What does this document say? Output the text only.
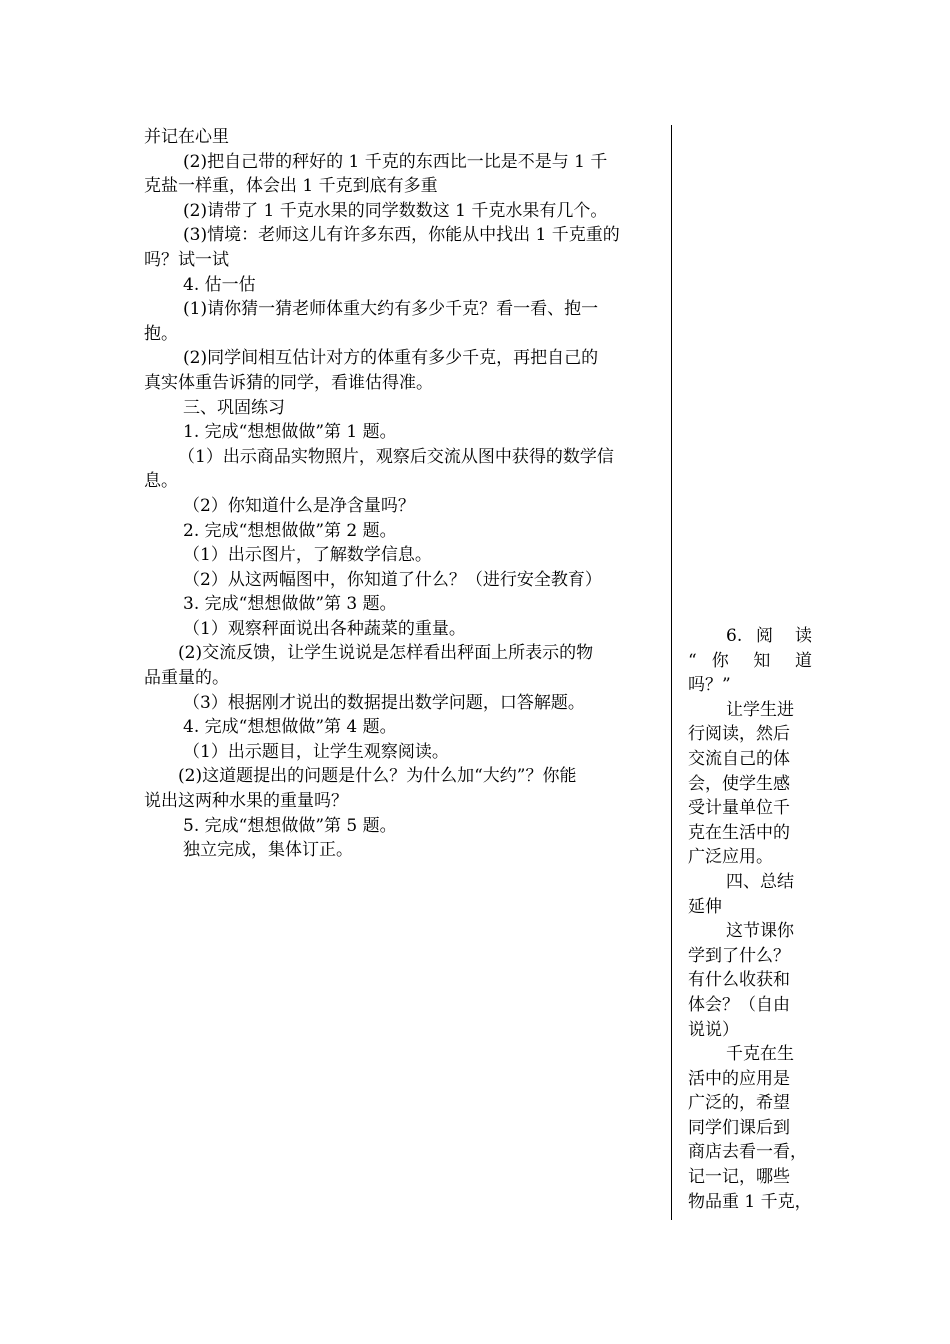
并记在心里
(2)把自己带的秤好的 1 千克的东西比一比是不是与 1 千
克盐一样重，体会出 1 千克到底有多重
(2)请带了 1 千克水果的同学数数这 1 千克水果有几个。
(3)情境：老师这儿有许多东西，你能从中找出 1 千克重的
吗？试一试
4. 估一估
(1)请你猜一猜老师体重大约有多少千克？看一看、抱一
抱。
(2)同学间相互估计对方的体重有多少千克，再把自己的
真实体重告诉猜的同学，看谁估得准。
三、巩固练习
1. 完成“想想做做”第 1 题。
（1）出示商品实物照片，观察后交流从图中获得的数学信
息。
（2）你知道什么是净含量吗？
2. 完成“想想做做”第 2 题。
（1）出示图片，了解数学信息。
（2）从这两幅图中，你知道了什么？（进行安全教育）
3. 完成“想想做做”第 3 题。
（1）观察秤面说出各种蔬菜的重量。
(2)交流反馈，让学生说说是怎样看出秤面上所表示的物
品重量的。
（3）根据刚才说出的数据提出数学问题，口答解题。
4. 完成“想想做做”第 4 题。
（1）出示题目，让学生观察阅读。
(2)这道题提出的问题是什么？为什么加“大约”？你能
说出这两种水果的重量吗？
5. 完成“想想做做”第 5 题。
独立完成，集体订正。
6. 阅 读
“ 你 知 道
吗？”
让学生进
行阅读，然后
交流自己的体
会，使学生感
受计量单位千
克在生活中的
广泛应用。
四、总结
延伸
这节课你
学到了什么？
有什么收获和
体会？（自由
说说）
千克在生
活中的应用是
广泛的，希望
同学们课后到
商店去看一看，
记一记，哪些
物品重 1 千克，
